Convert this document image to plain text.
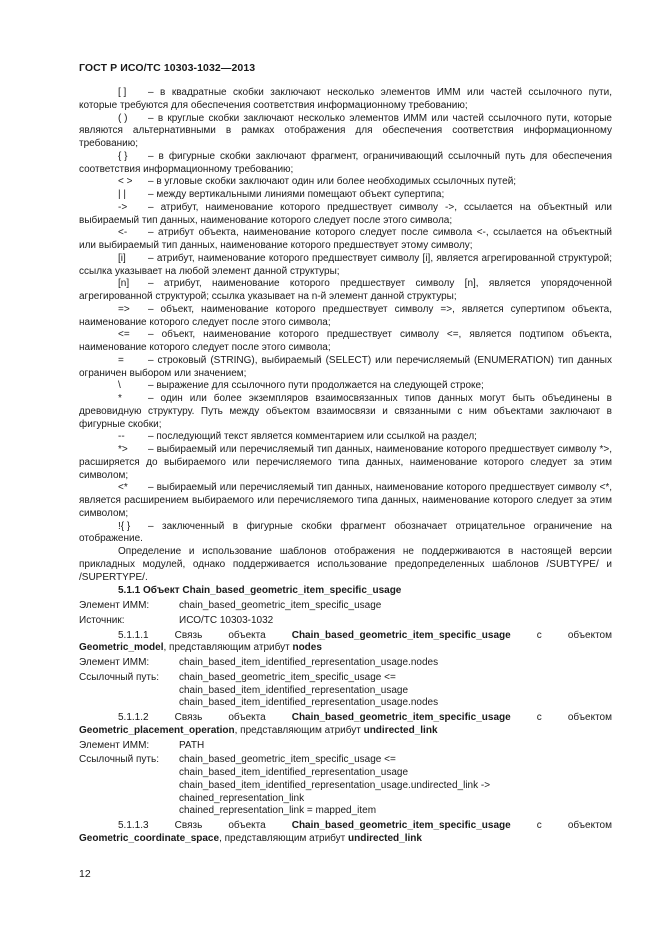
ГОСТ Р ИСО/ТС 10303-1032—2013
[ ] – в квадратные скобки заключают несколько элементов ИММ или частей ссылочного пути, которые требуются для обеспечения соответствия информационному требованию;
( ) – в круглые скобки заключают несколько элементов ИММ или частей ссылочного пути, которые являются альтернативными в рамках отображения для обеспечения соответствия информационному требованию;
{ } – в фигурные скобки заключают фрагмент, ограничивающий ссылочный путь для обеспечения соответствия информационному требованию;
< > – в угловые скобки заключают один или более необходимых ссылочных путей;
| | – между вертикальными линиями помещают объект супертипа;
-> – атрибут, наименование которого предшествует символу ->, ссылается на объектный или выбираемый тип данных, наименование которого следует после этого символа;
<- – атрибут объекта, наименование которого следует после символа <-, ссылается на объектный или выбираемый тип данных, наименование которого предшествует этому символу;
[i] – атрибут, наименование которого предшествует символу [i], является агрегированной структурой; ссылка указывает на любой элемент данной структуры;
[n] – атрибут, наименование которого предшествует символу [n], является упорядоченной агрегированной структурой; ссылка указывает на n-й элемент данной структуры;
=> – объект, наименование которого предшествует символу =>, является супертипом объекта, наименование которого следует после этого символа;
<= – объект, наименование которого предшествует символу <=, является подтипом объекта, наименование которого следует после этого символа;
= – строковый (STRING), выбираемый (SELECT) или перечисляемый (ENUMERATION) тип данных ограничен выбором или значением;
\	– выражение для ссылочного пути продолжается на следующей строке;
*	– один или более экземпляров взаимосвязанных типов данных могут быть объединены в древовидную структуру. Путь между объектом взаимосвязи и связанными с ним объектами заключают в фигурные скобки;
-- – последующий текст является комментарием или ссылкой на раздел;
*> – выбираемый или перечисляемый тип данных, наименование которого предшествует символу *>, расширяется до выбираемого или перечисляемого типа данных, наименование которого следует за этим символом;
<* – выбираемый или перечисляемый тип данных, наименование которого предшествует символу <*, является расширением выбираемого или перечисляемого типа данных, наименование которого следует за этим символом;
!{ } – заключенный в фигурные скобки фрагмент обозначает отрицательное ограничение на отображение.
Определение и использование шаблонов отображения не поддерживаются в настоящей версии прикладных модулей, однако поддерживается использование предопределенных шаблонов /SUBTYPE/ и /SUPERTYPE/.
5.1.1 Объект Chain_based_geometric_item_specific_usage
Элемент ИММ:	chain_based_geometric_item_specific_usage
Источник:	ИСО/ТС 10303-1032
5.1.1.1	Связь	объекта	Chain_based_geometric_item_specific_usage	с	объектом
Geometric_model, представляющим атрибут nodes
Элемент ИММ:	chain_based_item_identified_representation_usage.nodes
Ссылочный путь:	chain_based_geometric_item_specific_usage <=
chain_based_item_identified_representation_usage
chain_based_item_identified_representation_usage.nodes
5.1.1.2	Связь	объекта	Chain_based_geometric_item_specific_usage	с	объектом
Geometric_placement_operation, представляющим атрибут undirected_link
Элемент ИММ:	PATH
Ссылочный путь:	chain_based_geometric_item_specific_usage <=
chain_based_item_identified_representation_usage
chain_based_item_identified_representation_usage.undirected_link ->
chained_representation_link
chained_representation_link = mapped_item
5.1.1.3	Связь	объекта	Chain_based_geometric_item_specific_usage	с	объектом
Geometric_coordinate_space, представляющим атрибут undirected_link
12
